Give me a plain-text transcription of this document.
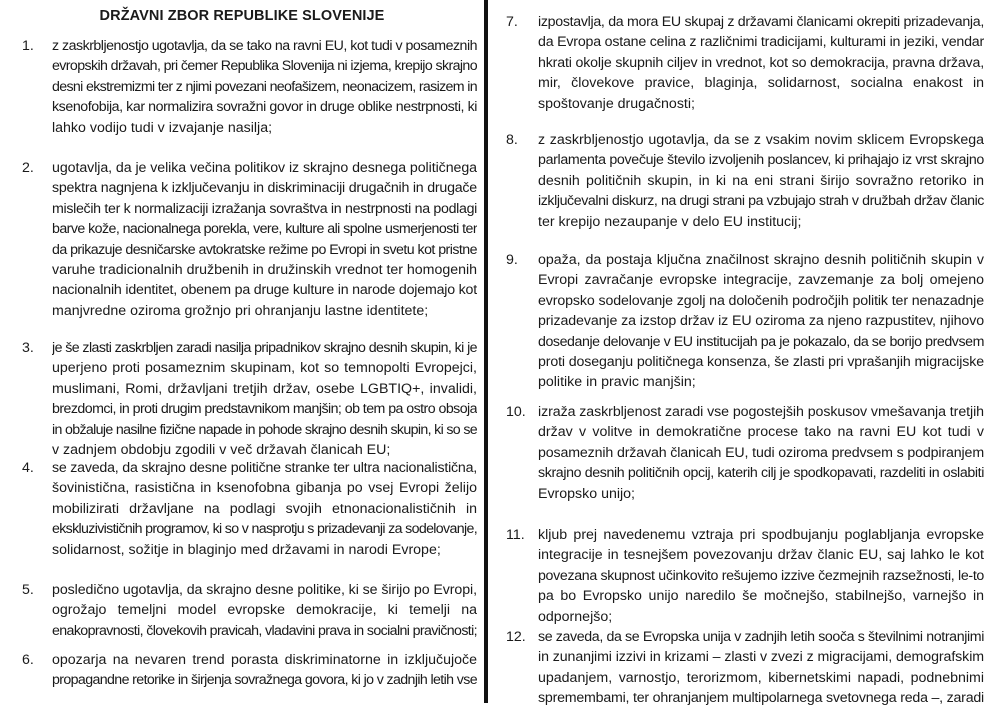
DRŽAVNI ZBOR REPUBLIKE SLOVENIJE
1. z zaskrbljenostjo ugotavlja, da se tako na ravni EU, kot tudi v posameznih
evropskih državah, pri čemer Republika Slovenija ni izjema, krepijo skrajno
desni ekstremizmi ter z njimi povezani neofašizem, neonacizem, rasizem in
ksenofobija, kar normalizira sovražni govor in druge oblike nestrpnosti, ki
lahko vodijo tudi v izvajanje nasilja;
2. ugotavlja, da je velika večina politikov iz skrajno desnega političnega
spektra nagnjena k izključevanju in diskriminaciji drugačnih in drugače
mislečih ter k normalizaciji izražanja sovraštva in nestrpnosti na podlagi
barve kože, nacionalnega porekla, vere, kulture ali spolne usmerjenosti ter
da prikazuje desničarske avtokratske režime po Evropi in svetu kot pristne
varuhe tradicionalnih družbenih in družinskih vrednot ter homogenih
nacionalnih identitet, obenem pa druge kulture in narode dojemajo kot
manjvredne oziroma grožnjo pri ohranjanju lastne identitete;
3. je še zlasti zaskrbljen zaradi nasilja pripadnikov skrajno desnih skupin, ki je
uperjeno proti posameznim skupinam, kot so temnopolti Evropejci,
muslimani, Romi, državljani tretjih držav, osebe LGBTIQ+, invalidi,
brezdomci, in proti drugim predstavnikom manjšin; ob tem pa ostro obsoja
in obžaluje nasilne fizične napade in pohode skrajno desnih skupin, ki so se
v zadnjem obdobju zgodili v več državah članicah EU;
4. se zaveda, da skrajno desne politične stranke ter ultra nacionalistična,
šovinistična, rasistična in ksenofobna gibanja po vsej Evropi želijo
mobilizirati državljane na podlagi svojih etnonacionalističnih in
ekskluzivističnih programov, ki so v nasprotju s prizadevanji za sodelovanje,
solidarnost, sožitje in blaginjo med državami in narodi Evrope;
5. posledično ugotavlja, da skrajno desne politike, ki se širijo po Evropi,
ogrožajo temeljni model evropske demokracije, ki temelji na
enakopravnosti, človekovih pravicah, vladavini prava in socialni pravičnosti;
6. opozarja na nevaren trend porasta diskriminatorne in izključujoče
propagandne retorike in širjenja sovražnega govora, ki jo v zadnjih letih vse
7. izpostavlja, da mora EU skupaj z državami članicami okrepiti prizadevanja,
da Evropa ostane celina z različnimi tradicijami, kulturami in jeziki, vendar
hkrati okolje skupnih ciljev in vrednot, kot so demokracija, pravna država,
mir, človekove pravice, blaginja, solidarnost, socialna enakost in
spoštovanje drugačnosti;
8. z zaskrbljenostjo ugotavlja, da se z vsakim novim sklicem Evropskega
parlamenta povečuje število izvoljenih poslancev, ki prihajajo iz vrst skrajno
desnih političnih skupin, in ki na eni strani širijo sovražno retoriko in
izključevalni diskurz, na drugi strani pa vzbujajo strah v družbah držav članic
ter krepijo nezaupanje v delo EU institucij;
9. opaža, da postaja ključna značilnost skrajno desnih političnih skupin v
Evropi zavračanje evropske integracije, zavzemanje za bolj omejeno
evropsko sodelovanje zgolj na določenih področjih politik ter nenazadnje
prizadevanje za izstop držav iz EU oziroma za njeno razpustitev, njihovo
dosedanje delovanje v EU institucijah pa je pokazalo, da se borijo predvsem
proti doseganju političnega konsenza, še zlasti pri vprašanjih migracijske
politike in pravic manjšin;
10. izraža zaskrbljenost zaradi vse pogostejših poskusov vmešavanja tretjih
držav v volitve in demokratične procese tako na ravni EU kot tudi v
posameznih državah članicah EU, tudi oziroma predvsem s podpiranjem
skrajno desnih političnih opcij, katerih cilj je spodkopavati, razdeliti in oslabiti
Evropsko unijo;
11. kljub prej navedenemu vztraja pri spodbujanju poglabljanja evropske
integracije in tesnejšem povezovanju držav članic EU, saj lahko le kot
povezana skupnost učinkovito rešujemo izzive čezmejnih razsežnosti, le-to
pa bo Evropsko unijo naredilo še močnejšo, stabilnejšo, varnejšo in
odpornejšo;
12. se zaveda, da se Evropska unija v zadnjih letih sooča s številnimi notranjimi
in zunanjimi izzivi in krizami – zlasti v zvezi z migracijami, demografskim
upadanjem, varnostjo, terorizmom, kibernetskimi napadi, podnebnimi
spremembami, ter ohranjanjem multipolarnega svetovnega reda –, zaradi
